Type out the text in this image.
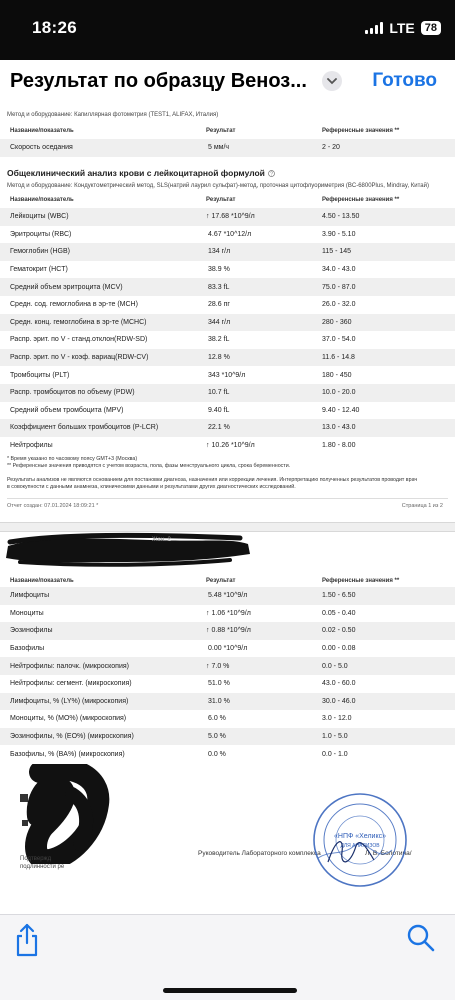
18:26	LTE 78
Результат по образцу Веноз...	Готово
Метод и оборудование: Капиллярная фотометрия (TEST1, ALIFAX, Италия)
Название/показатель	Результат	Референсные значения **
Скорость оседания	5 мм/ч	2 - 20
Общеклинический анализ крови с лейкоцитарной формулой ?
Метод и оборудование: Кондуктометрический метод, SLS(натрий лаурил сульфат)-метод, проточная цитофлуориметрия (BC-6800Plus, Mindray, Китай)
Название/показатель	Результат	Референсные значения **
Лейкоциты (WBC)	↑ 17.68 *10^9/л	4.50 - 13.50
Эритроциты (RBC)	4.67 *10^12/л	3.90 - 5.10
Гемоглобин (HGB)	134 г/л	115 - 145
Гематокрит (HCT)	38.9 %	34.0 - 43.0
Средний объем эритроцита (MCV)	83.3 fL	75.0 - 87.0
Средн. сод. гемоглобина в эр-те (MCH)	28.6 пг	26.0 - 32.0
Средн. конц. гемоглобина в эр-те (MCHC)	344 г/л	280 - 360
Распр. эрит. по V - станд.отклон(RDW-SD)	38.2 fL	37.0 - 54.0
Распр. эрит. по V - коэф. вариац(RDW-CV)	12.8 %	11.6 - 14.8
Тромбоциты (PLT)	343 *10^9/л	180 - 450
Распр. тромбоцитов по объему (PDW)	10.7 fL	10.0 - 20.0
Средний объем тромбоцита (MPV)	9.40 fL	9.40 - 12.40
Коэффициент больших тромбоцитов (P-LCR)	22.1 %	13.0 - 43.0
Нейтрофилы	↑ 10.26 *10^9/л	1.80 - 8.00
* Время указано по часовому поясу GMT+3 (Москва)
** Референсные значения приводятся с учетом возраста, пола, фазы менструального цикла, срока беременности.
Результаты анализов не являются основанием для постановки диагноза, назначения или коррекции лечения. Интерпретацию полученных результатов проводит врач
в совокупности с данными анамнеза, клиническими данными и результатами других диагностических исследований.
Отчет создан: 07.01.2024 18:09:21 *	Страница 1 из 2
Жен. 2
Название/показатель	Результат	Референсные значения **
Лимфоциты	5.48 *10^9/л	1.50 - 6.50
Моноциты	↑ 1.06 *10^9/л	0.05 - 0.40
Эозинофилы	↑ 0.88 *10^9/л	0.02 - 0.50
Базофилы	0.00 *10^9/л	0.00 - 0.08
Нейтрофилы: палочк. (микроскопия)	↑ 7.0 %	0.0 - 5.0
Нейтрофилы: сегмент. (микроскопия)	51.0 %	43.0 - 60.0
Лимфоциты, % (LY%) (микроскопия)	31.0 %	30.0 - 46.0
Моноциты, % (MO%) (микроскопия)	6.0 %	3.0 - 12.0
Эозинофилы, % (EO%) (микроскопия)	5.0 %	1.0 - 5.0
Базофилы, % (BA%) (микроскопия)	0.0 %	0.0 - 1.0
Подтвержд
подлинности ре
Руководитель Лабораторного комплекса	Л. В. Болотина/
«НПФ «Хеликс»
ДЛЯ АНАЛИЗОВ
